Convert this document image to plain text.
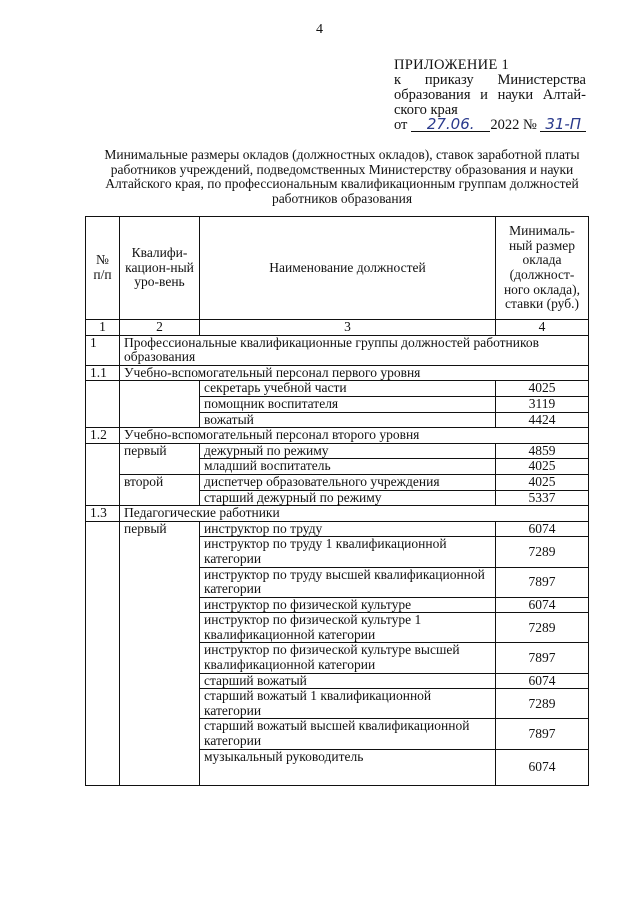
4
ПРИЛОЖЕНИЕ 1
к приказу Министерства
образования и науки Алтай-
ского края
от
	27.06.	2022 №
31-П
Минимальные размеры окладов (должностных окладов), ставок заработной платы работников учреждений, подведомственных Министерству образования и науки Алтайского края, по профессиональным квалификационным группам должностей работников образования
№ п/п	Квалифи-кацион-ный уро-вень	Наименование должностей	Минималь-ный размер оклада (должност-ного оклада), ставки (руб.)
1	2	3	4
1	Профессиональные квалификационные группы должностей работников образования		
1.1	Учебно-вспомогательный персонал первого уровня		
		секретарь учебной части	4025
		помощник воспитателя	3119
		вожатый	4424
1.2	Учебно-вспомогательный персонал второго уровня		
	первый	дежурный по режиму	4859
		младший воспитатель	4025
	второй	диспетчер образовательного учреждения	4025
		старший дежурный по режиму	5337
1.3	Педагогические работники		
	первый	инструктор по труду	6074
		инструктор по труду 1 квалификационной категории	7289
		инструктор по труду высшей квалификационной категории	7897
		инструктор по физической культуре	6074
		инструктор по физической культуре 1 квалификационной категории	7289
		инструктор по физической культуре высшей квалификационной категории	7897
		старший вожатый	6074
		старший вожатый 1 квалификационной категории	7289
		старший вожатый высшей квалификационной категории	7897
		музыкальный руководитель	6074
